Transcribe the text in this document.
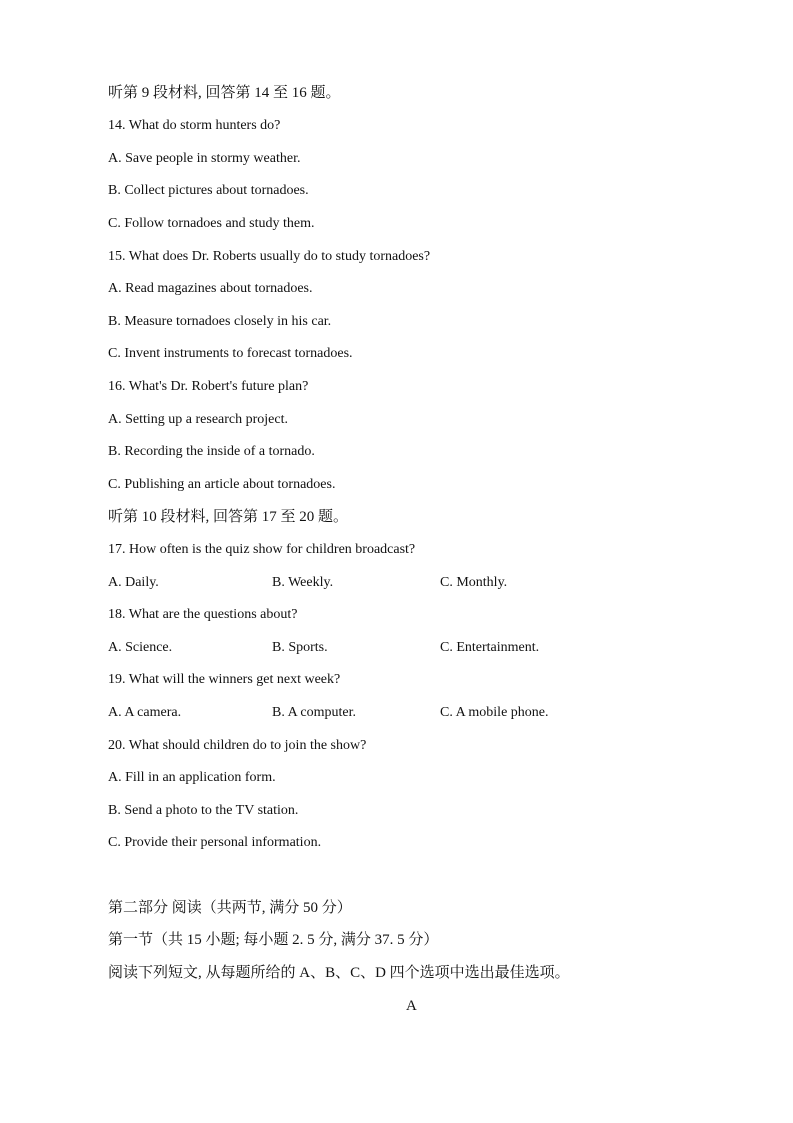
听第 9 段材料, 回答第 14 至 16 题。
14. What do storm hunters do?
A. Save people in stormy weather.
B. Collect pictures about tornadoes.
C. Follow tornadoes and study them.
15. What does Dr. Roberts usually do to study tornadoes?
A. Read magazines about tornadoes.
B. Measure tornadoes closely in his car.
C. Invent instruments to forecast tornadoes.
16. What's Dr. Robert's future plan?
A. Setting up a research project.
B. Recording the inside of a tornado.
C. Publishing an article about tornadoes.
听第 10 段材料, 回答第 17 至 20 题。
17. How often is the quiz show for children broadcast?
A. Daily.	B. Weekly.	C. Monthly.
18. What are the questions about?
A. Science.	B. Sports.	C. Entertainment.
19. What will the winners get next week?
A. A camera.	B. A computer.	C. A mobile phone.
20. What should children do to join the show?
A. Fill in an application form.
B. Send a photo to the TV station.
C. Provide their personal information.
第二部分 阅读（共两节, 满分 50 分）
第一节（共 15 小题; 每小题 2. 5 分, 满分 37. 5 分）
阅读下列短文, 从每题所给的 A、B、C、D 四个选项中选出最佳选项。
A
